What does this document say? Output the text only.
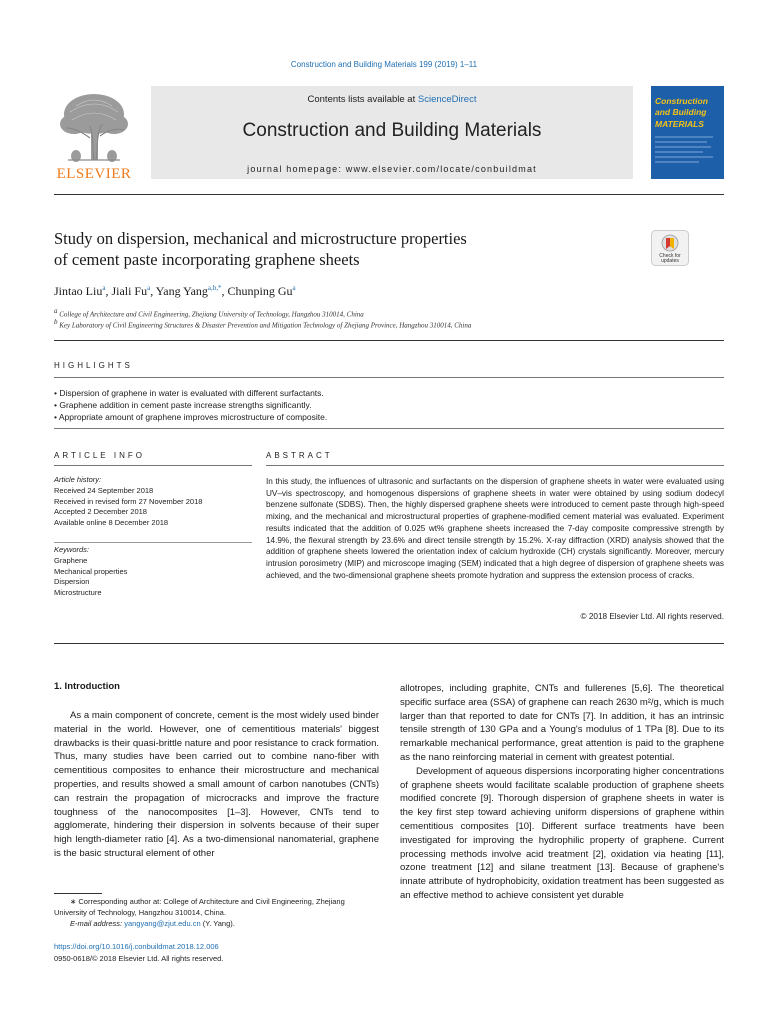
Construction and Building Materials 199 (2019) 1–11
ELSEVIER
Contents lists available at ScienceDirect
Construction and Building Materials
journal homepage: www.elsevier.com/locate/conbuildmat
Construction
and Building
MATERIALS
Study on dispersion, mechanical and microstructure properties
of cement paste incorporating graphene sheets	Check for
updates
Jintao Liu$^a$, Jiali Fu$^a$, Yang Yang$^{a,b,*}$, Chunping Gu$^a$
$^a$ College of Architecture and Civil Engineering, Zhejiang University of Technology, Hangzhou 310014, China
$^b$ Key Laboratory of Civil Engineering Structures & Disaster Prevention and Mitigation Technology of Zhejiang Province, Hangzhou 310014, China
HIGHLIGHTS
• Dispersion of graphene in water is evaluated with different surfactants.
• Graphene addition in cement paste increase strengths significantly.
• Appropriate amount of graphene improves microstructure of composite.
ARTICLE INFO	ABSTRACT
Article history:
Received 24 September 2018
Received in revised form 27 November 2018
Accepted 2 December 2018
Available online 8 December 2018
Keywords:
Graphene
Mechanical properties
Dispersion
Microstructure
In this study, the influences of ultrasonic and surfactants on the dispersion of graphene sheets in water were evaluated using UV–vis spectroscopy, and homogenous dispersions of graphene sheets in water were obtained by using sodium dodecyl benzene sulfonate (SDBS). Then, the highly dispersed graphene sheets were introduced to cement paste through high-speed mixing, and the mechanical and microstructural properties of graphene-modified cement material was evaluated. Experiment results indicated that the addition of 0.025 wt% graphene sheets increased the 7-day composite compressive strength by 14.9%, the flexural strength by 23.6% and direct tensile strength by 15.2%. X-ray diffraction (XRD) analysis showed that the addition of graphene sheets lowered the orientation index of calcium hydroxide (CH) crystals significantly. Moreover, mercury intrusion porosimetry (MIP) and microscope imaging (SEM) indicated that a high degree of dispersion of graphene sheets was achieved, and the two-dimensional graphene sheets promote hydration and suppress the extension process of cracks.
© 2018 Elsevier Ltd. All rights reserved.
1. Introduction
As a main component of concrete, cement is the most widely used binder material in the world. However, one of cementitious materials' biggest drawbacks is their quasi-brittle nature and poor resistance to crack formation. Thus, many studies have been carried out to combine nano-fiber with cementitious composites to enhance their microstructure and mechanical properties, and results showed a small amount of carbon nanotubes (CNTs) can restrain the propagation of microcracks and improve the fracture toughness of the nanocomposites [1–3]. However, CNTs tend to agglomerate, hindering their dispersion in solvents because of their super high length-diameter ratio [4]. As a two-dimensional nanomaterial, graphene is the basic structural element of other
allotropes, including graphite, CNTs and fullerenes [5,6]. The theoretical specific surface area (SSA) of graphene can reach 2630 m²/g, which is much larger than that reported to date for CNTs [7]. In addition, it has an intrinsic tensile strength of 130 GPa and a Young's modulus of 1 TPa [8]. Due to its remarkable mechanical performance, great attention is paid to the graphene as the nano reinforcing material in cement with greatest potential.
Development of aqueous dispersions incorporating higher concentrations of graphene sheets would facilitate scalable production of graphene sheets modified concrete [9]. Thorough dispersion of graphene sheets in water is the key first step toward achieving uniform dispersions of graphene within cementitious composites [10]. Different surface treatments have been investigated for improving the hydrophilic property of graphene. Current processing methods involve acid treatment [2], oxidation via heating [11], ozone treatment [12] and silane treatment [13]. Because of graphene's innate attribute of hydrophobicity, oxidation treatment has been suggested as an effective method to achieve consistent yet durable
∗ Corresponding author at: College of Architecture and Civil Engineering, Zhejiang University of Technology, Hangzhou 310014, China.
E-mail address: yangyang@zjut.edu.cn (Y. Yang).
https://doi.org/10.1016/j.conbuildmat.2018.12.006
0950-0618/© 2018 Elsevier Ltd. All rights reserved.
